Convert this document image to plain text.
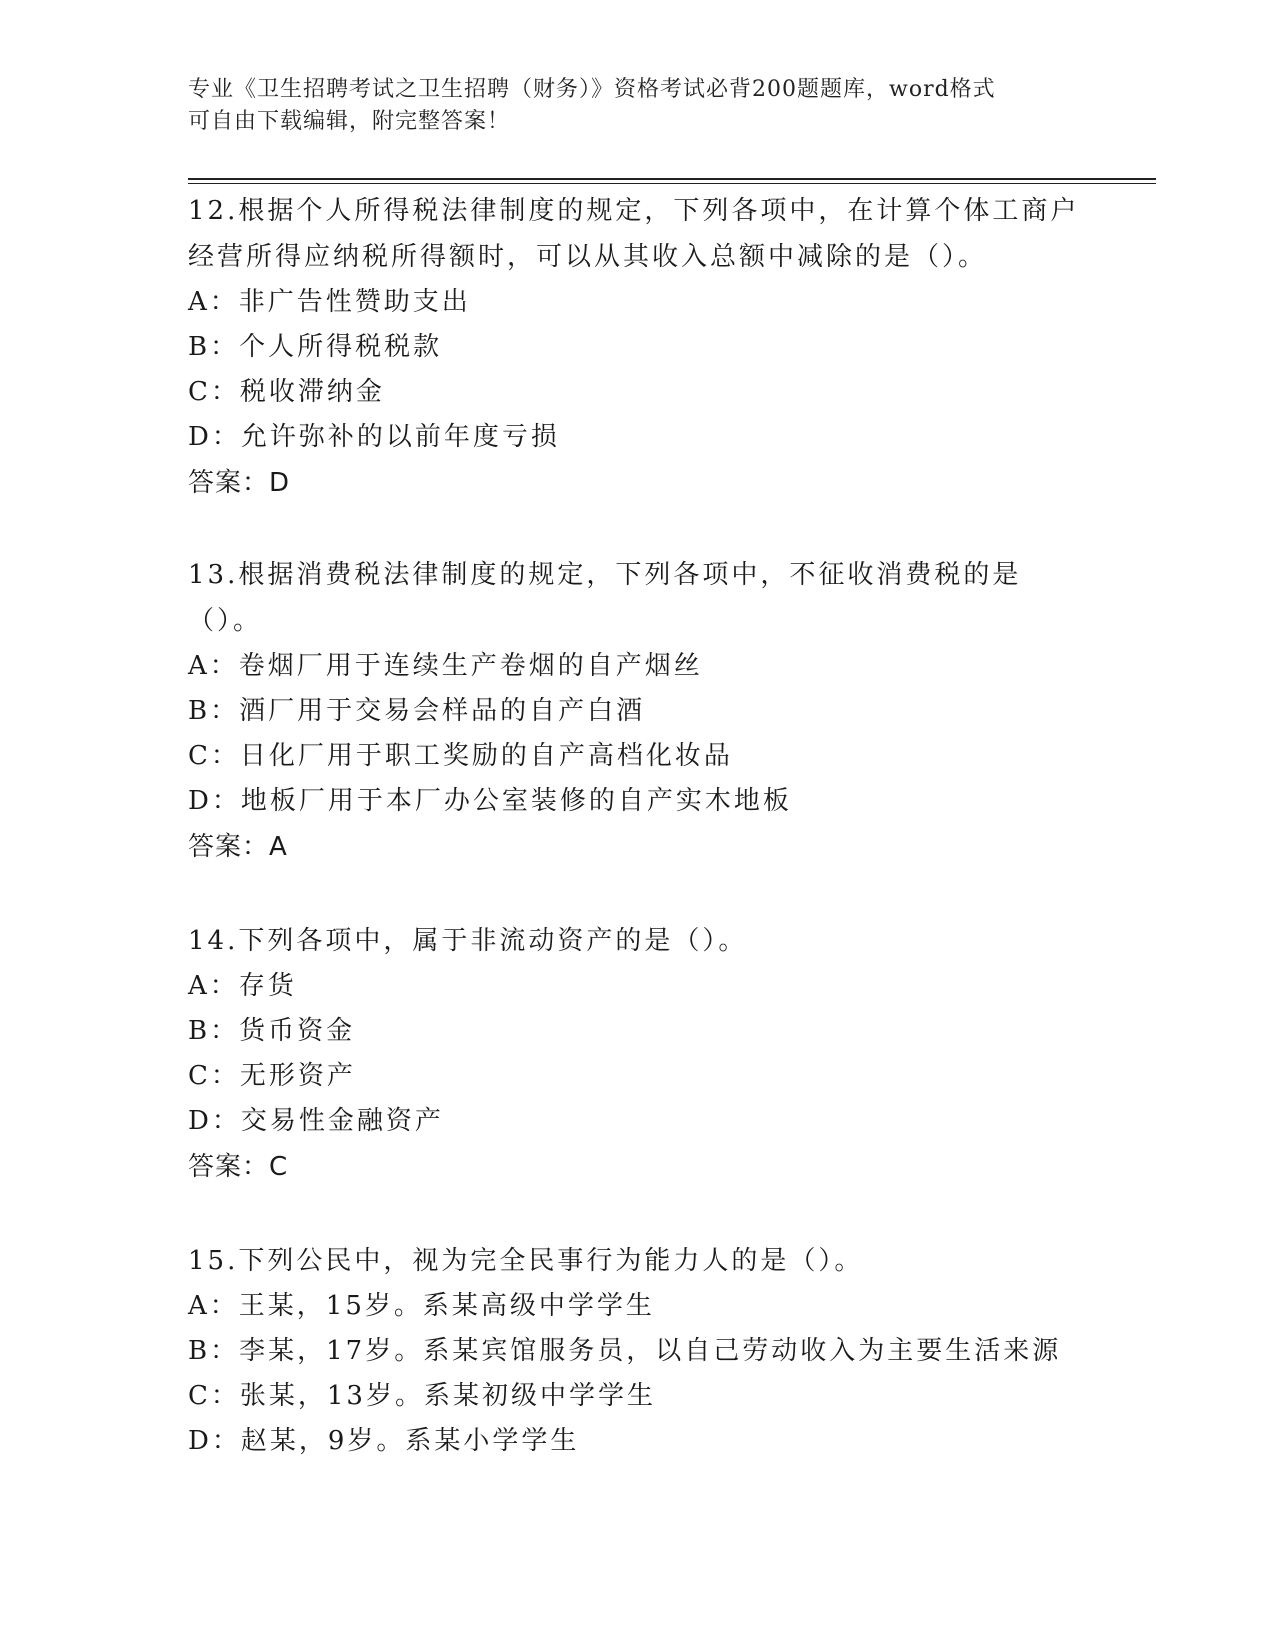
专业《卫生招聘考试之卫生招聘（财务）》资格考试必背200题题库，word格式
可自由下载编辑，附完整答案！

12.根据个人所得税法律制度的规定，下列各项中，在计算个体工商户经营所得应纳税所得额时，可以从其收入总额中减除的是（）。

A：非广告性赞助支出

B：个人所得税税款

C：税收滞纳金

D：允许弥补的以前年度亏损

答案：D

13.根据消费税法律制度的规定，下列各项中，不征收消费税的是（）。

A：卷烟厂用于连续生产卷烟的自产烟丝

B：酒厂用于交易会样品的自产白酒

C：日化厂用于职工奖励的自产高档化妆品

D：地板厂用于本厂办公室装修的自产实木地板

答案：A

14.下列各项中，属于非流动资产的是（）。

A：存货

B：货币资金

C：无形资产

D：交易性金融资产

答案：C

15.下列公民中，视为完全民事行为能力人的是（）。

A：王某，15岁。系某高级中学学生

B：李某，17岁。系某宾馆服务员，以自己劳动收入为主要生活来源

C：张某，13岁。系某初级中学学生

D：赵某，9岁。系某小学学生
